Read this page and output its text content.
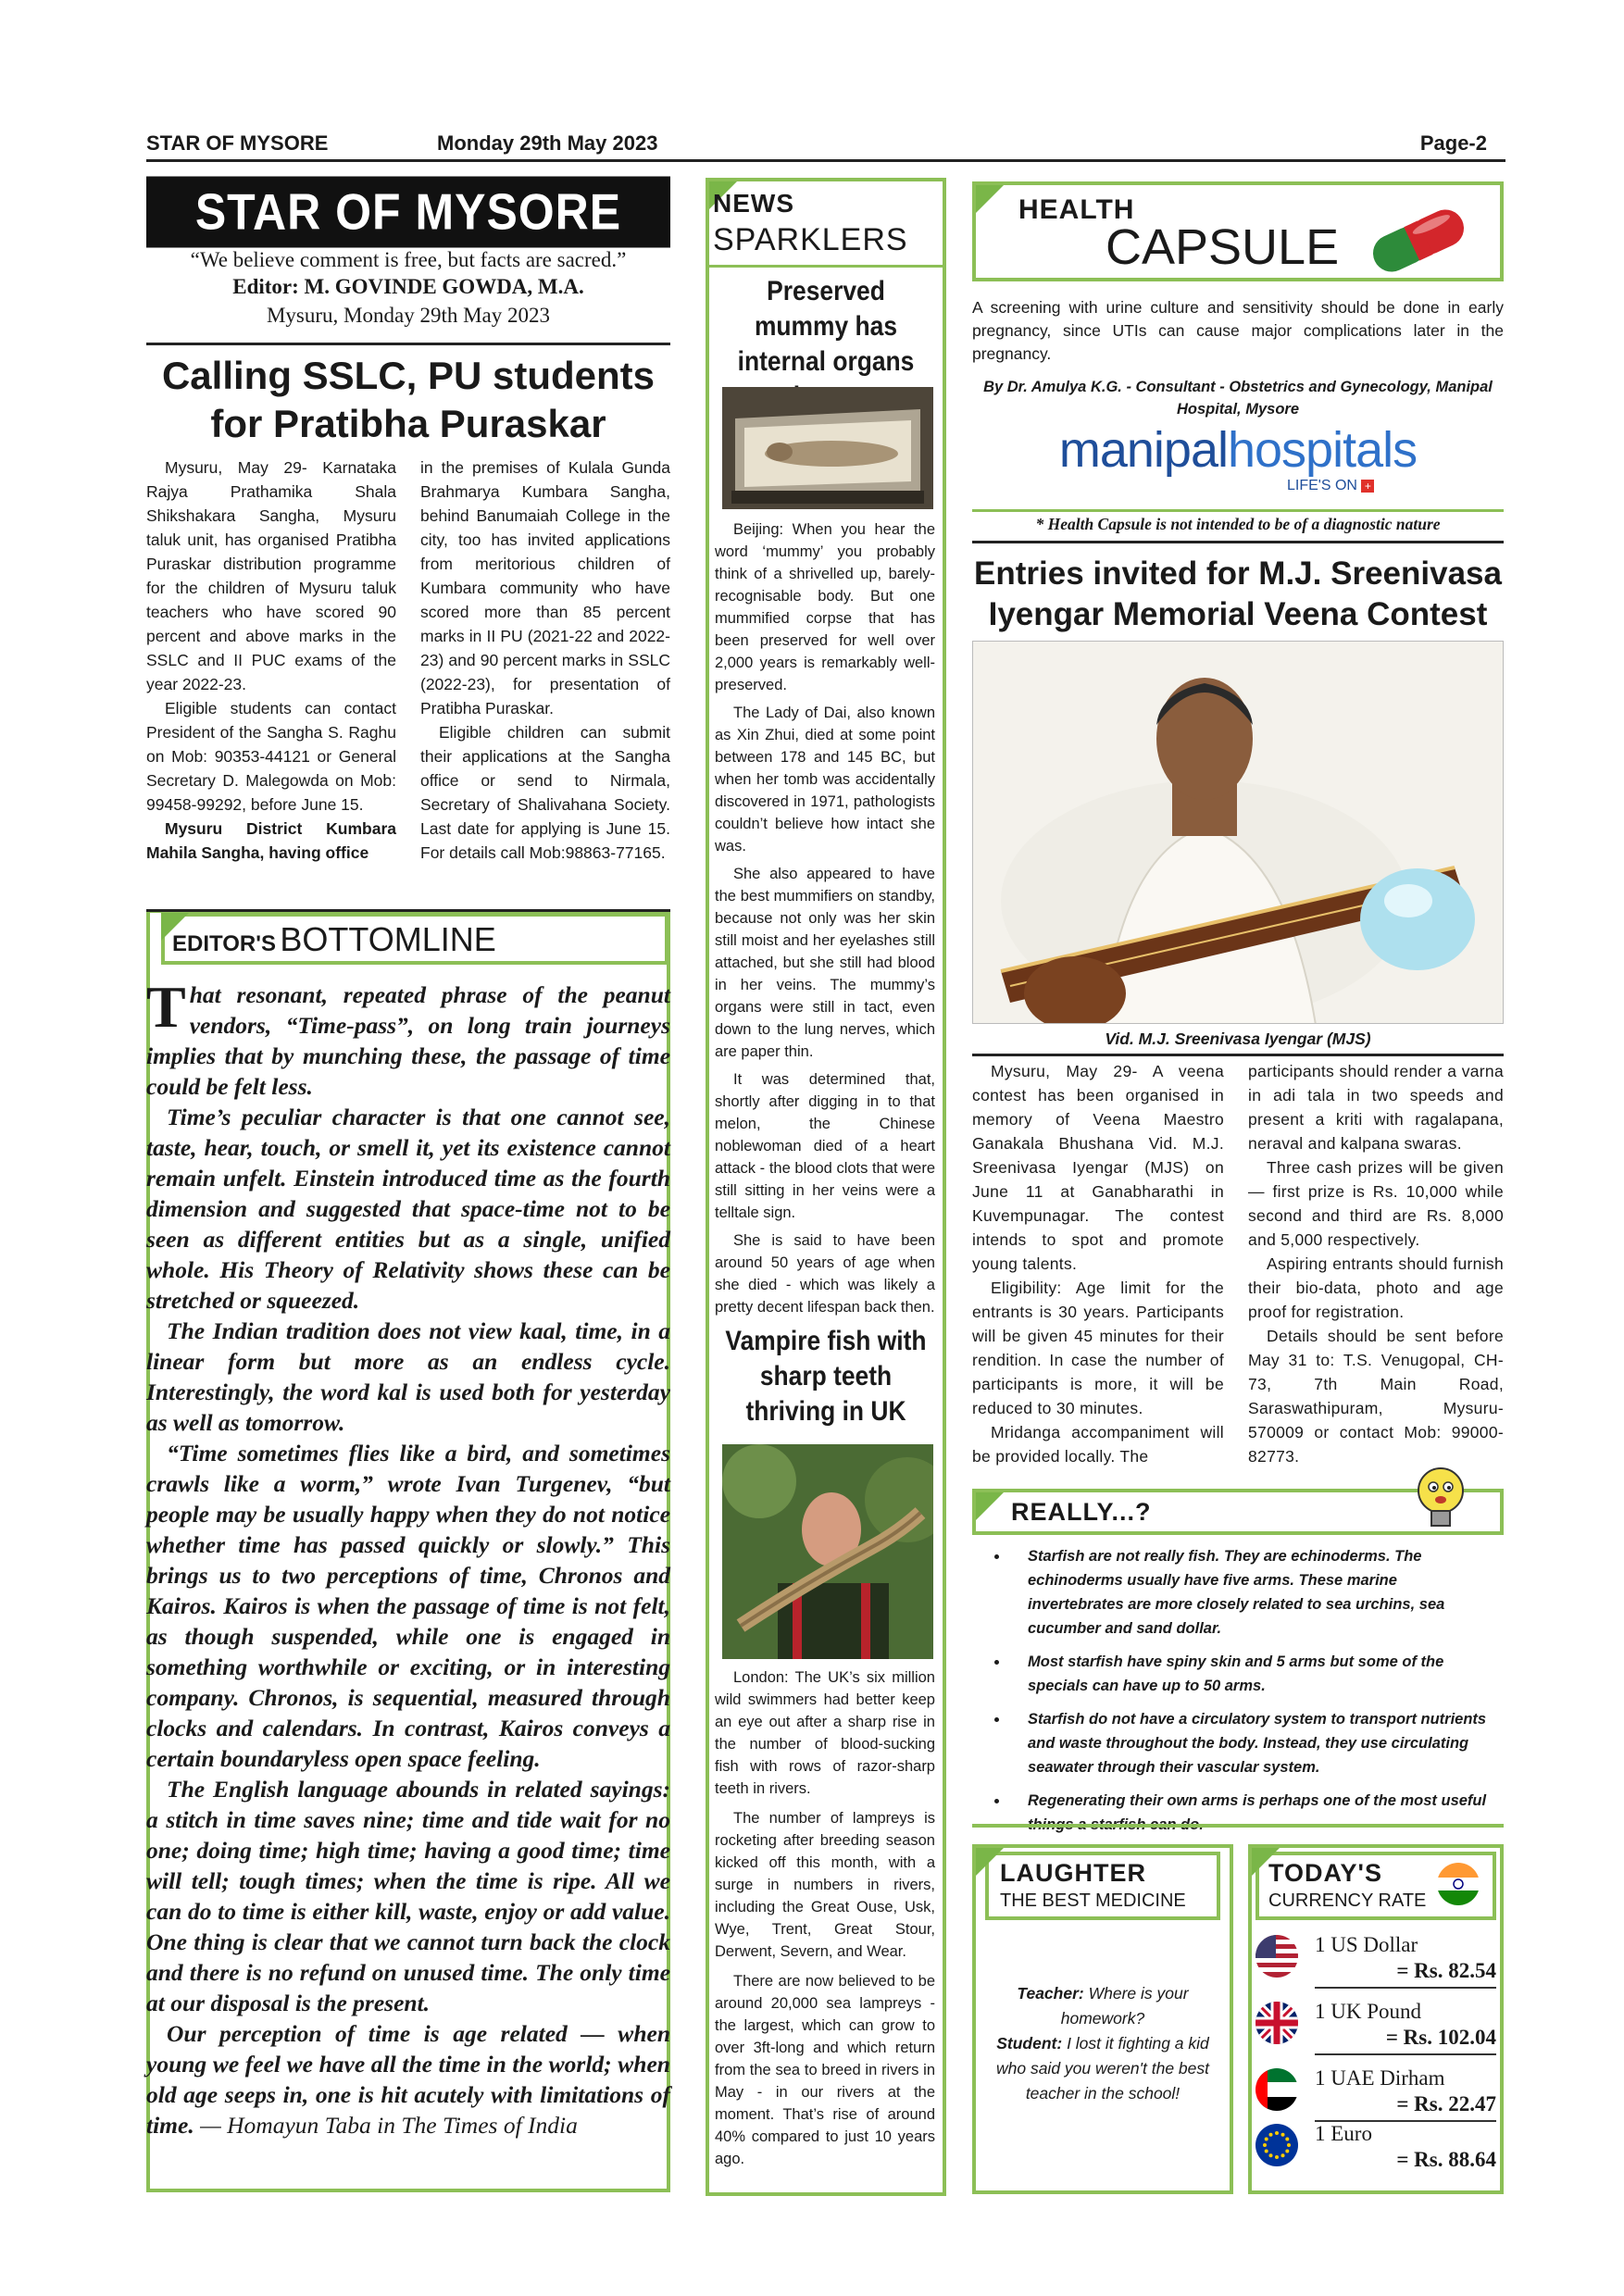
STAR OF MYSORE	Monday 29th May 2023	Page-2
STAR OF MYSORE
“We believe comment is free, but facts are sacred.”
Editor: M. GOVINDE GOWDA, M.A.
Mysuru, Monday 29th May 2023
Calling SSLC, PU students for Pratibha Puraskar

Mysuru, May 29- Karnataka Rajya Prathamika Shala Shikshakara Sangha, Mysuru taluk unit, has organised Pratibha Puraskar distribution programme for the children of Mysuru taluk teachers who have scored 90 percent and above marks in the SSLC and II PUC exams of the year 2022-23.

Eligible students can contact President of the Sangha S. Raghu on Mob: 90353-44121 or General Secretary D. Malegowda on Mob: 99458-99292, before June 15.

Mysuru District Kumbara Mahila Sangha, having office

in the premises of Kulala Gunda Brahmarya Kumbara Sangha, behind Banumaiah College in the city, too has invited applications from meritorious children of Kumbara community who have scored more than 85 percent marks in II PU (2021-22 and 2022-23) and 90 percent marks in SSLC (2022-23), for presentation of Pratibha Puraskar.

Eligible children can submit their applications at the Sangha office or send to Nirmala, Secretary of Shalivahana Society. Last date for applying is June 15. For details call Mob:98863-77165.

EDITOR'S BOTTOMLINE

That resonant, repeated phrase of the peanut vendors, “Time-pass”, on long train journeys implies that by munching these, the passage of time could be felt less.

Time’s peculiar character is that one cannot see, taste, hear, touch, or smell it, yet its existence cannot remain unfelt. Einstein introduced time as the fourth dimension and suggested that space-time not to be seen as different entities but as a single, unified whole. His Theory of Relativity shows these can be stretched or squeezed.

The Indian tradition does not view kaal, time, in a linear form but more as an endless cycle. Interestingly, the word kal is used both for yesterday as well as tomorrow.

“Time sometimes flies like a bird, and sometimes crawls like a worm,” wrote Ivan Turgenev, “but people may be usually happy when they do not notice whether time has passed quickly or slowly.” This brings us to two perceptions of time, Chronos and Kairos. Kairos is when the passage of time is not felt, as though suspended, while one is engaged in something worthwhile or exciting, or in interesting company. Chronos, is sequential, measured through clocks and calendars. In contrast, Kairos conveys a certain boundaryless open space feeling.

The English language abounds in related sayings: a stitch in time saves nine; time and tide wait for no one; doing time; high time; having a good time; time will tell; tough times; when the time is ripe. All we can do to time is either kill, waste, enjoy or add value. One thing is clear that we cannot turn back the clock and there is no refund on unused time. The only time at our disposal is the present.

Our perception of time is age related — when young we feel we have all the time in the world; when old age seeps in, one is hit acutely with limitations of time. — Homayun Taba in The Times of India

NEWS
SPARKLERS
Preserved mummy has internal organs

Beijing: When you hear the word ‘mummy’ you probably think of a shrivelled up, barely-recognisable body. But one mummified corpse that has been preserved for well over 2,000 years is remarkably well-preserved.

The Lady of Dai, also known as Xin Zhui, died at some point between 178 and 145 BC, but when her tomb was accidentally discovered in 1971, pathologists couldn’t believe how intact she was.

She also appeared to have the best mummifiers on standby, because not only was her skin still moist and her eyelashes still attached, but she still had blood in her veins. The mummy’s organs were still in tact, even down to the lung nerves, which are paper thin.

It was determined that, shortly after digging in to that melon, the Chinese noblewoman died of a heart attack - the blood clots that were still sitting in her veins were a telltale sign.

She is said to have been around 50 years of age when she died - which was likely a pretty decent lifespan back then.

Vampire fish with sharp teeth thriving in UK

London: The UK’s six million wild swimmers had better keep an eye out after a sharp rise in the number of blood-sucking fish with rows of razor-sharp teeth in rivers.

The number of lampreys is rocketing after breeding season kicked off this month, with a surge in numbers in rivers, including the Great Ouse, Usk, Wye, Trent, Great Stour, Derwent, Severn, and Wear.

There are now believed to be around 20,000 sea lampreys - the largest, which can grow to over 3ft-long and which return from the sea to breed in rivers in May - in our rivers at the moment. That’s rise of around 40% compared to just 10 years ago.

HEALTH
CAPSULE
A screening with urine culture and sensitivity should be done in early pregnancy, since UTIs can cause major complications later in the pregnancy.
By Dr. Amulya K.G. - Consultant - Obstetrics and Gynecology, Manipal Hospital, Mysore
manipalhospitals
LIFE'S ON +
* Health Capsule is not intended to be of a diagnostic nature
Entries invited for M.J. Sreenivasa Iyengar Memorial Veena Contest
Vid. M.J. Sreenivasa Iyengar (MJS)

Mysuru, May 29- A veena contest has been organised in memory of Veena Maestro Ganakala Bhushana Vid. M.J. Sreenivasa Iyengar (MJS) on June 11 at Ganabharathi in Kuvempunagar. The contest intends to spot and promote young talents.

Eligibility: Age limit for the entrants is 30 years. Participants will be given 45 minutes for their rendition. In case the number of participants is more, it will be reduced to 30 minutes.

Mridanga accompaniment will be provided locally. The

participants should render a varna in adi tala in two speeds and present a kriti with ragalapana, neraval and kalpana swaras.

Three cash prizes will be given — first prize is Rs. 10,000 while second and third are Rs. 8,000 and 5,000 respectively.

Aspiring entrants should furnish their bio-data, photo and age proof for registration.

Details should be sent before May 31 to: T.S. Venugopal, CH-73, 7th Main Road, Saraswathipuram, Mysuru-570009 or contact Mob: 99000-82773.

REALLY...?
• Starfish are not really fish. They are echinoderms. The echinoderms usually have five arms. These marine invertebrates are more closely related to sea urchins, sea cucumber and sand dollar.
• Most starfish have spiny skin and 5 arms but some of the specials can have up to 50 arms.
• Starfish do not have a circulatory system to transport nutrients and waste throughout the body. Instead, they use circulating seawater through their vascular system.
• Regenerating their own arms is perhaps one of the most useful
LAUGHTER
THE BEST MEDICINE
Teacher: Where is your homework?
Student: I lost it fighting a kid who said you weren't the best teacher in the school!
TODAY'S
CURRENCY RATE
1 US Dollar
= Rs. 82.54
1 UK Pound
= Rs. 102.04
1 UAE Dirham
= Rs. 22.47
1 Euro
= Rs. 88.64
